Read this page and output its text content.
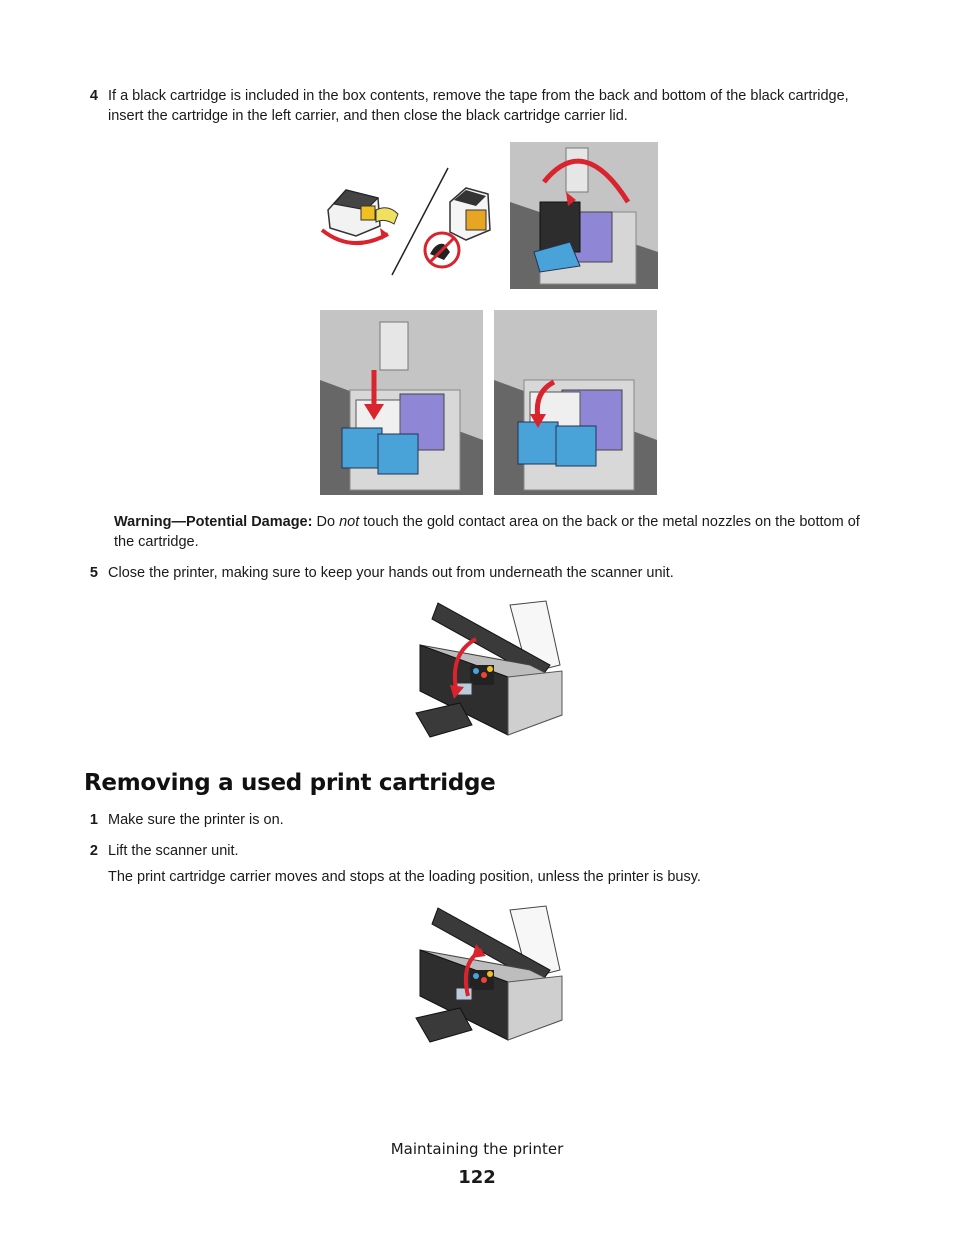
4 If a black cartridge is included in the box contents, remove the tape from the back and bottom of the black cartridge, insert the cartridge in the left carrier, and then close the black cartridge carrier lid.
Warning—Potential Damage: Do not touch the gold contact area on the back or the metal nozzles on the bottom of the cartridge.
5 Close the printer, making sure to keep your hands out from underneath the scanner unit.
Removing a used print cartridge
1 Make sure the printer is on.
2 Lift the scanner unit.
The print cartridge carrier moves and stops at the loading position, unless the printer is busy.
Maintaining the printer
122
